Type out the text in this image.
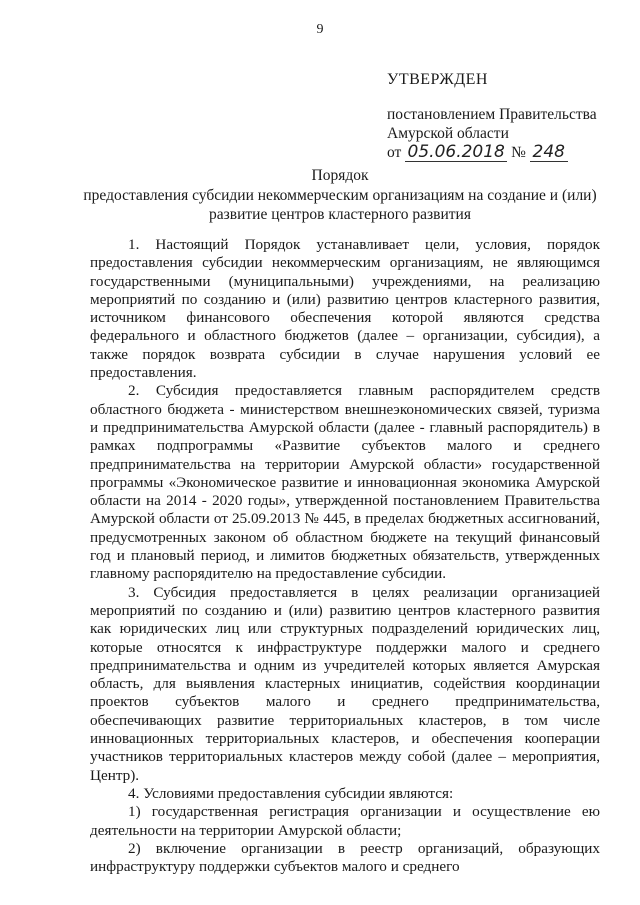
9
УТВЕРЖДЕН
постановлением Правительства
Амурской области
от 05.06.2018 № 248
Порядок
предоставления субсидии некоммерческим организациям на создание и (или) развитие центров кластерного развития

1. Настоящий Порядок устанавливает цели, условия, порядок предоставления субсидии некоммерческим организациям, не являющимся государственными (муниципальными) учреждениями, на реализацию мероприятий по созданию и (или) развитию центров кластерного развития, источником финансового обеспечения которой являются средства федерального и областного бюджетов (далее – организации, субсидия), а также порядок возврата субсидии в случае нарушения условий ее предоставления.

2. Субсидия предоставляется главным распорядителем средств областного бюджета - министерством внешнеэкономических связей, туризма и предпринимательства Амурской области (далее - главный распорядитель) в рамках подпрограммы «Развитие субъектов малого и среднего предпринимательства на территории Амурской области» государственной программы «Экономическое развитие и инновационная экономика Амурской области на 2014 - 2020 годы», утвержденной постановлением Правительства Амурской области от 25.09.2013 № 445, в пределах бюджетных ассигнований, предусмотренных законом об областном бюджете на текущий финансовый год и плановый период, и лимитов бюджетных обязательств, утвержденных главному распорядителю на предоставление субсидии.

3. Субсидия предоставляется в целях реализации организацией мероприятий по созданию и (или) развитию центров кластерного развития как юридических лиц или структурных подразделений юридических лиц, которые относятся к инфраструктуре поддержки малого и среднего предпринимательства и одним из учредителей которых является Амурская область, для выявления кластерных инициатив, содействия координации проектов субъектов малого и среднего предпринимательства, обеспечивающих развитие территориальных кластеров, в том числе инновационных территориальных кластеров, и обеспечения кооперации участников территориальных кластеров между собой (далее – мероприятия, Центр).

4. Условиями предоставления субсидии являются:

1) государственная регистрация организации и осуществление ею деятельности на территории Амурской области;

2) включение организации в реестр организаций, образующих инфраструктуру поддержки субъектов малого и среднего
